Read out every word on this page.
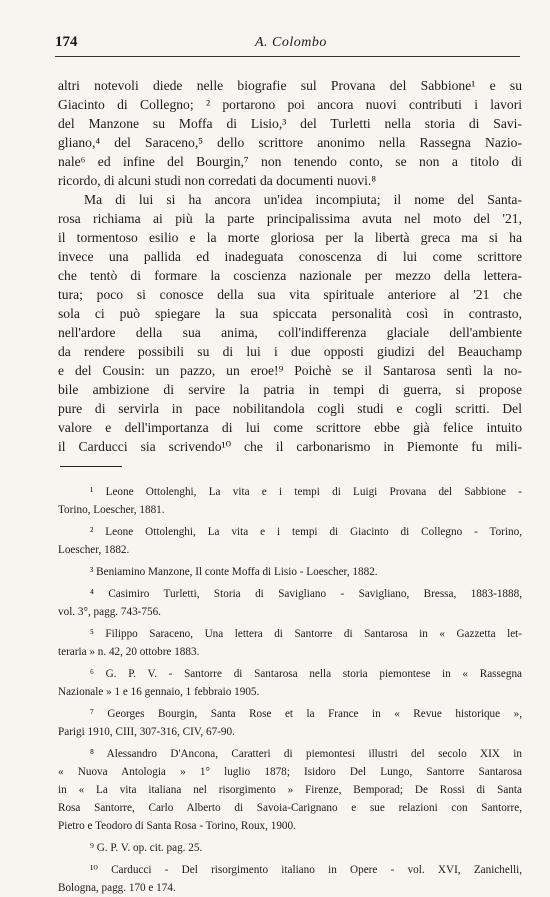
174	A. Colombo
altri notevoli diede nelle biografie sul Provana del Sabbione¹ e su
Giacinto di Collegno; ² portarono poi ancora nuovi contributi i lavori
del Manzone su Moffa di Lisio,³ del Turletti nella storia di Savi-
gliano,⁴ del Saraceno,⁵ dello scrittore anonimo nella Rassegna Nazio-
nale⁶ ed infine del Bourgin,⁷ non tenendo conto, se non a titolo di
ricordo, di alcuni studi non corredati da documenti nuovi.⁸
Ma di lui si ha ancora un'idea incompiuta; il nome del Santa-
rosa richiama ai più la parte principalissima avuta nel moto del '21,
il tormentoso esilio e la morte gloriosa per la libertà greca ma si ha
invece una pallida ed inadeguata conoscenza di lui come scrittore
che tentò di formare la coscienza nazionale per mezzo della lettera-
tura; poco si conosce della sua vita spirituale anteriore al '21 che
sola ci può spiegare la sua spiccata personalità così in contrasto,
nell'ardore della sua anima, coll'indifferenza glaciale dell'ambiente
da rendere possibili su di lui i due opposti giudizi del Beauchamp
e del Cousin: un pazzo, un eroe!⁹ Poichè se il Santarosa sentì la no-
bile ambizione di servire la patria in tempi di guerra, si propose
pure di servirla in pace nobilitandola cogli studi e cogli scritti. Del
valore e dell'importanza di lui come scrittore ebbe già felice intuito
il Carducci sia scrivendo¹⁰ che il carbonarismo in Piemonte fu mili-
¹ Leone Ottolenghi, La vita e i tempi di Luigi Provana del Sabbione -
Torino, Loescher, 1881.
² Leone Ottolenghi, La vita e i tempi di Giacinto di Collegno - Torino,
Loescher, 1882.
³ Beniamino Manzone, Il conte Moffa di Lisio - Loescher, 1882.
⁴ Casimiro Turletti, Storia di Savigliano - Savigliano, Bressa, 1883-1888,
vol. 3°, pagg. 743-756.
⁵ Filippo Saraceno, Una lettera di Santorre di Santarosa in « Gazzetta let-
teraria » n. 42, 20 ottobre 1883.
⁶ G. P. V. - Santorre di Santarosa nella storia piemontese in « Rassegna
Nazionale » 1 e 16 gennaio, 1 febbraio 1905.
⁷ Georges Bourgin, Santa Rose et la France in « Revue historique »,
Parigi 1910, CIII, 307-316, CIV, 67-90.
⁸ Alessandro D'Ancona, Caratteri di piemontesi illustri del secolo XIX in
« Nuova Antologia » 1° luglio 1878; Isidoro Del Lungo, Santorre Santarosa
in « La vita italiana nel risorgimento » Firenze, Bemporad; De Rossi di Santa
Rosa Santorre, Carlo Alberto di Savoia-Carignano e sue relazioni con Santorre,
Pietro e Teodoro di Santa Rosa - Torino, Roux, 1900.
⁹ G. P. V. op. cit. pag. 25.
¹⁰ Carducci - Del risorgimento italiano in Opere - vol. XVI, Zanichelli,
Bologna, pagg. 170 e 174.
